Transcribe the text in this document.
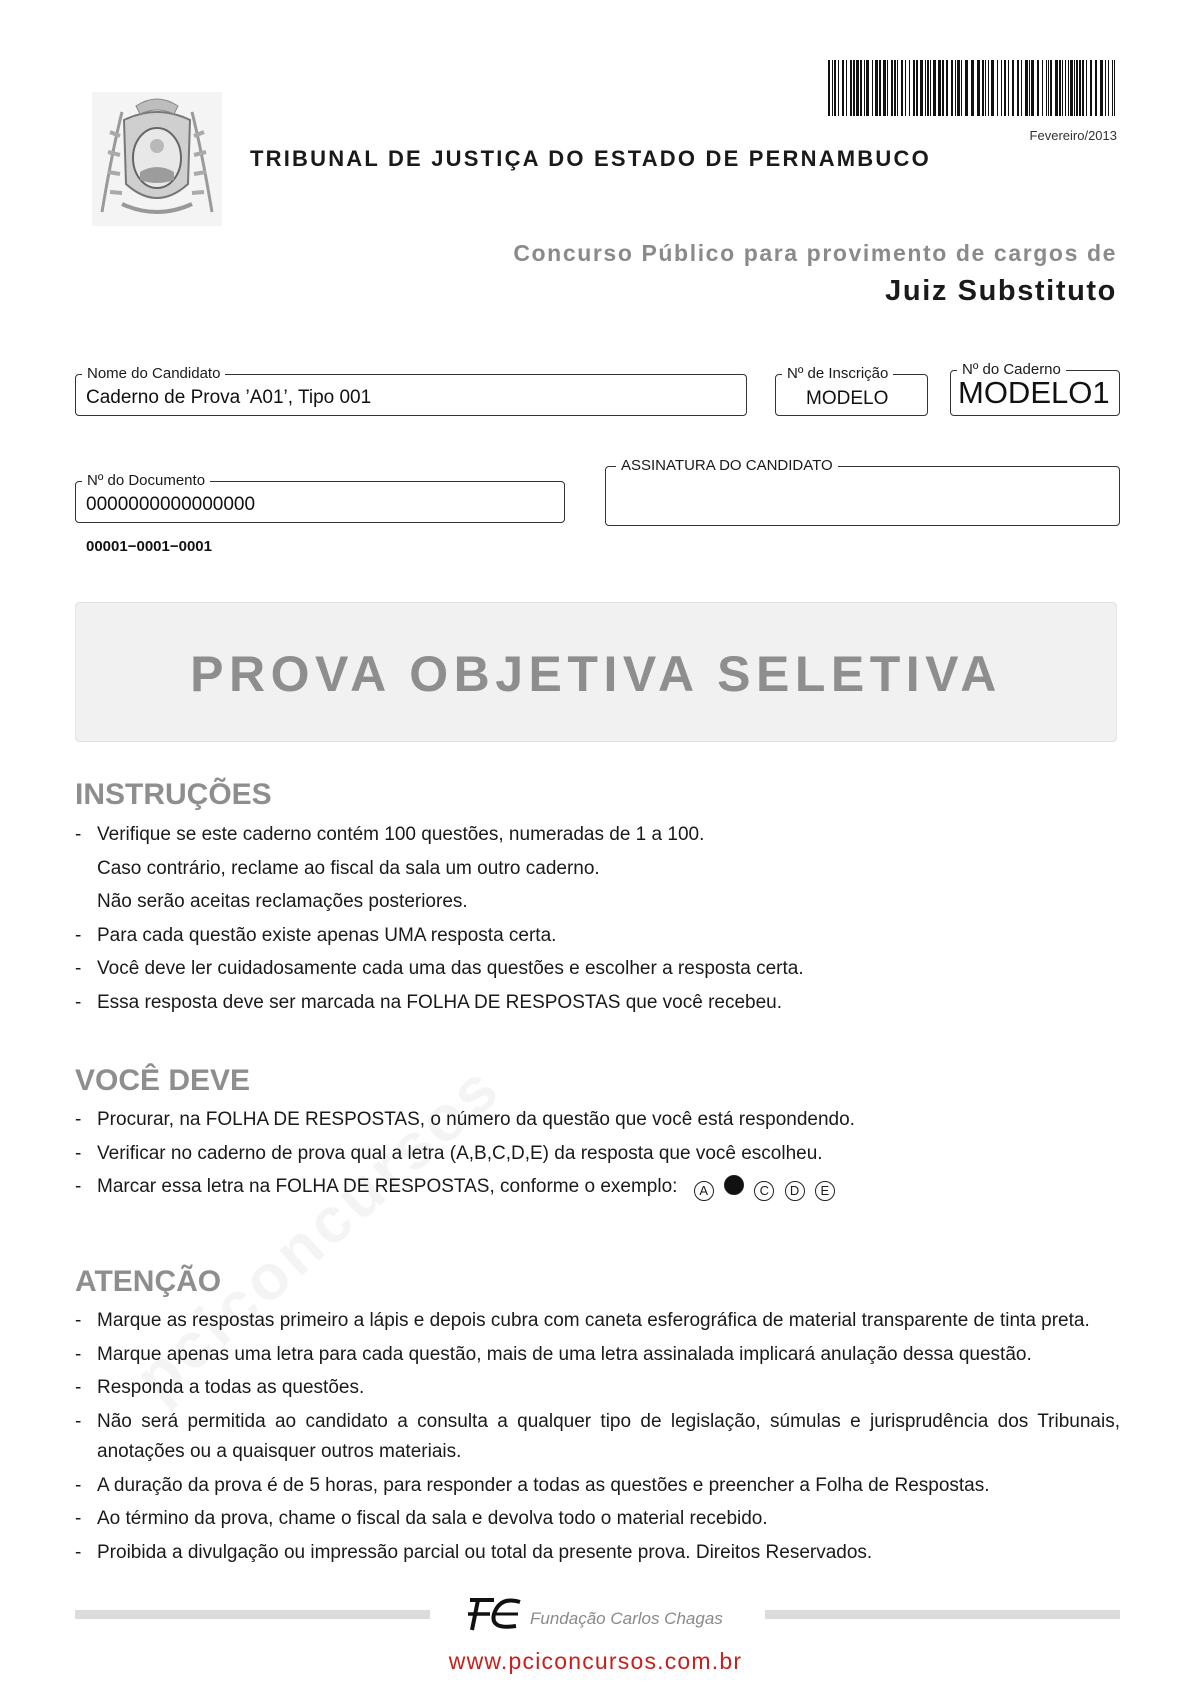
Fevereiro/2013
TRIBUNAL DE JUSTIÇA DO ESTADO DE PERNAMBUCO
Concurso Público para provimento de cargos de
Juiz Substituto
Nome do Candidato
Caderno de Prova ’A01’, Tipo 001
Nº de Inscrição
MODELO
Nº do Caderno
MODELO1
Nº do Documento
0000000000000000
ASSINATURA DO CANDIDATO
00001−0001−0001
PROVA OBJETIVA SELETIVA
INSTRUÇÕES
- Verifique se este caderno contém 100 questões, numeradas de 1 a 100.
Caso contrário, reclame ao fiscal da sala um outro caderno.
Não serão aceitas reclamações posteriores.
- Para cada questão existe apenas UMA resposta certa.
- Você deve ler cuidadosamente cada uma das questões e escolher a resposta certa.
- Essa resposta deve ser marcada na FOLHA DE RESPOSTAS que você recebeu.
VOCÊ DEVE
- Procurar, na FOLHA DE RESPOSTAS, o número da questão que você está respondendo.
- Verificar no caderno de prova qual a letra (A,B,C,D,E) da resposta que você escolheu.
- Marcar essa letra na FOLHA DE RESPOSTAS, conforme o exemplo: A	C D E
ATENÇÃO
- Marque as respostas primeiro a lápis e depois cubra com caneta esferográfica de material transparente de tinta preta.
- Marque apenas uma letra para cada questão, mais de uma letra assinalada implicará anulação dessa questão.
- Responda a todas as questões.
- Não será permitida ao candidato a consulta a qualquer tipo de legislação, súmulas e jurisprudência dos Tribunais,
anotações ou a quaisquer outros materiais.
- A duração da prova é de 5 horas, para responder a todas as questões e preencher a Folha de Respostas.
- Ao término da prova, chame o fiscal da sala e devolva todo o material recebido.
- Proibida a divulgação ou impressão parcial ou total da presente prova. Direitos Reservados.
Fundação Carlos Chagas
www.pciconcursos.com.br
